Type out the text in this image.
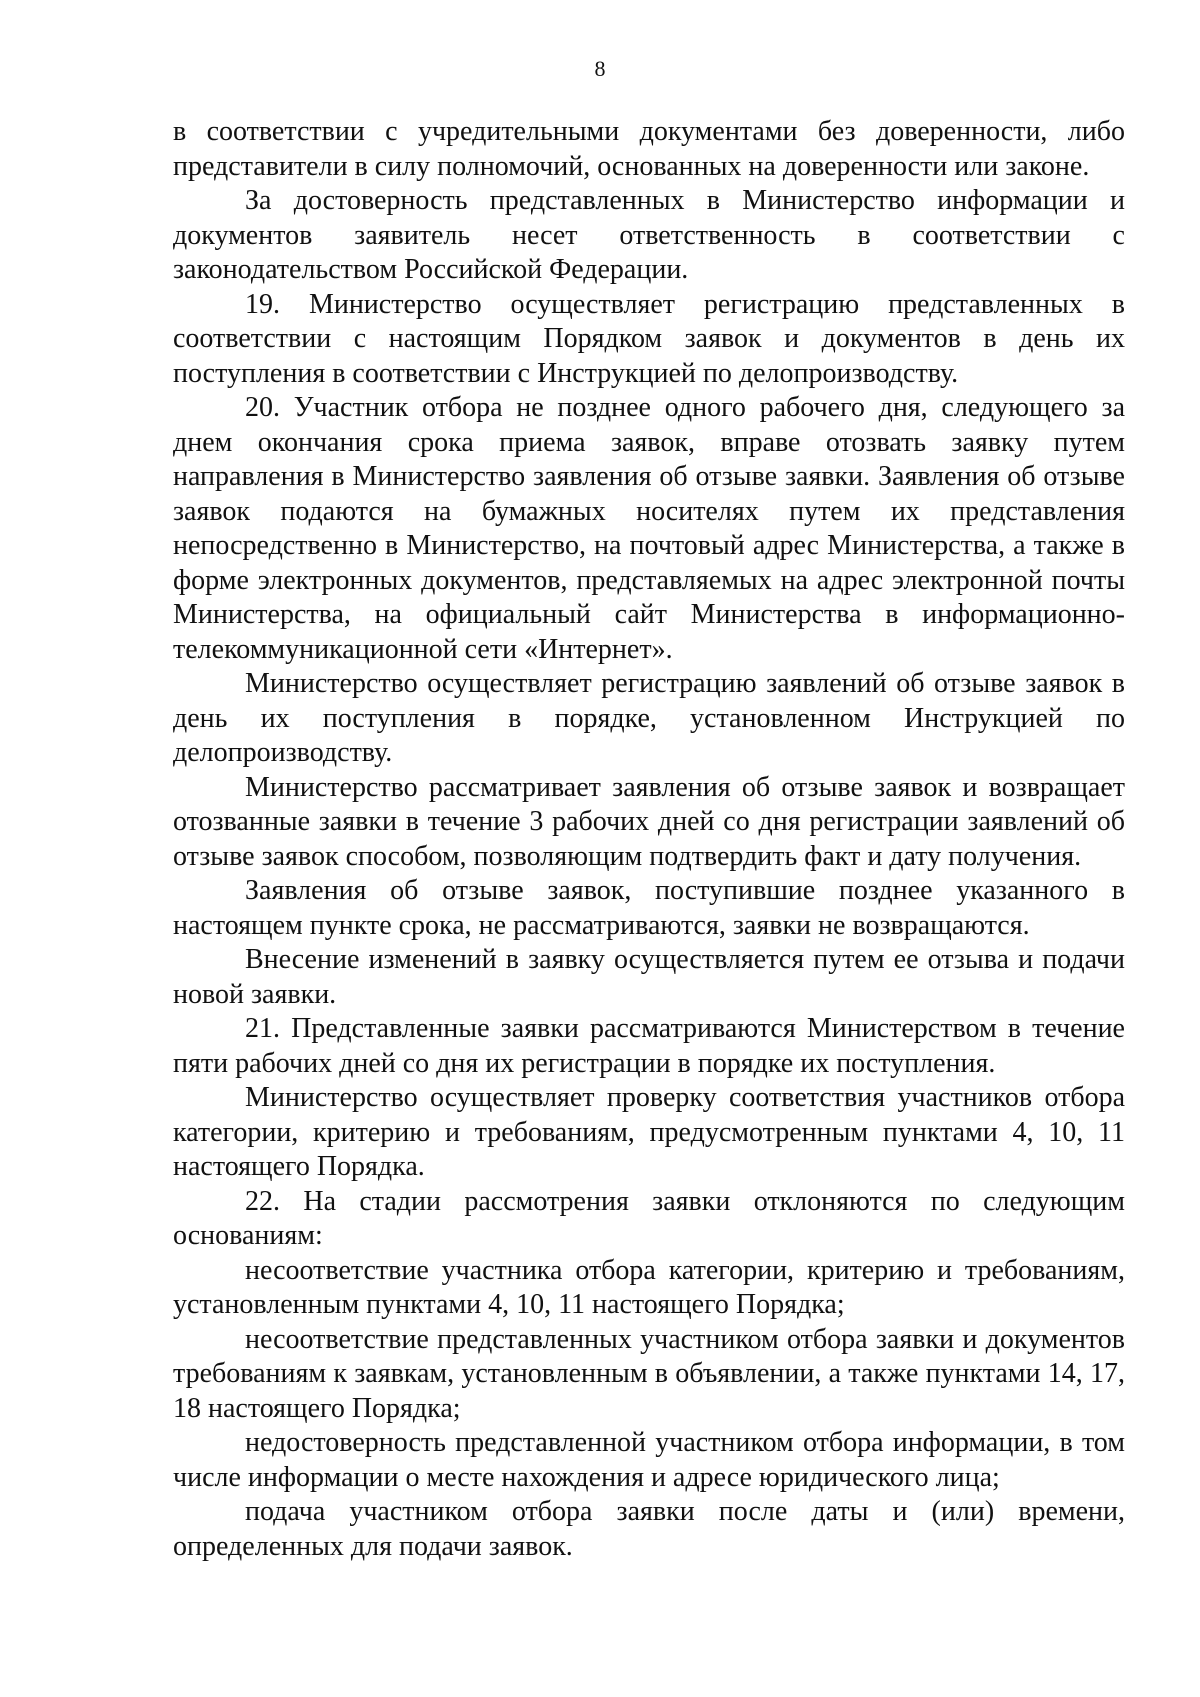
8

в соответствии с учредительными документами без доверенности, либо представители в силу полномочий, основанных на доверенности или законе.

За достоверность представленных в Министерство информации и документов заявитель несет ответственность в соответствии с законодательством Российской Федерации.

19. Министерство осуществляет регистрацию представленных в соответствии с настоящим Порядком заявок и документов в день их поступления в соответствии с Инструкцией по делопроизводству.

20. Участник отбора не позднее одного рабочего дня, следующего за днем окончания срока приема заявок, вправе отозвать заявку путем направления в Министерство заявления об отзыве заявки. Заявления об отзыве заявок подаются на бумажных носителях путем их представления непосредственно в Министерство, на почтовый адрес Министерства, а также в форме электронных документов, представляемых на адрес электронной почты Министерства, на официальный сайт Министерства в информационно-телекоммуникационной сети «Интернет».

Министерство осуществляет регистрацию заявлений об отзыве заявок в день их поступления в порядке, установленном Инструкцией по делопроизводству.

Министерство рассматривает заявления об отзыве заявок и возвращает отозванные заявки в течение 3 рабочих дней со дня регистрации заявлений об отзыве заявок способом, позволяющим подтвердить факт и дату получения.

Заявления об отзыве заявок, поступившие позднее указанного в настоящем пункте срока, не рассматриваются, заявки не возвращаются.

Внесение изменений в заявку осуществляется путем ее отзыва и подачи новой заявки.

21. Представленные заявки рассматриваются Министерством в течение пяти рабочих дней со дня их регистрации в порядке их поступления.

Министерство осуществляет проверку соответствия участников отбора категории, критерию и требованиям, предусмотренным пунктами 4, 10, 11 настоящего Порядка.

22. На стадии рассмотрения заявки отклоняются по следующим основаниям:

несоответствие участника отбора категории, критерию и требованиям, установленным пунктами 4, 10, 11 настоящего Порядка;

несоответствие представленных участником отбора заявки и документов требованиям к заявкам, установленным в объявлении, а также пунктами 14, 17, 18 настоящего Порядка;

недостоверность представленной участником отбора информации, в том числе информации о месте нахождения и адресе юридического лица;

подача участником отбора заявки после даты и (или) времени, определенных для подачи заявок.
